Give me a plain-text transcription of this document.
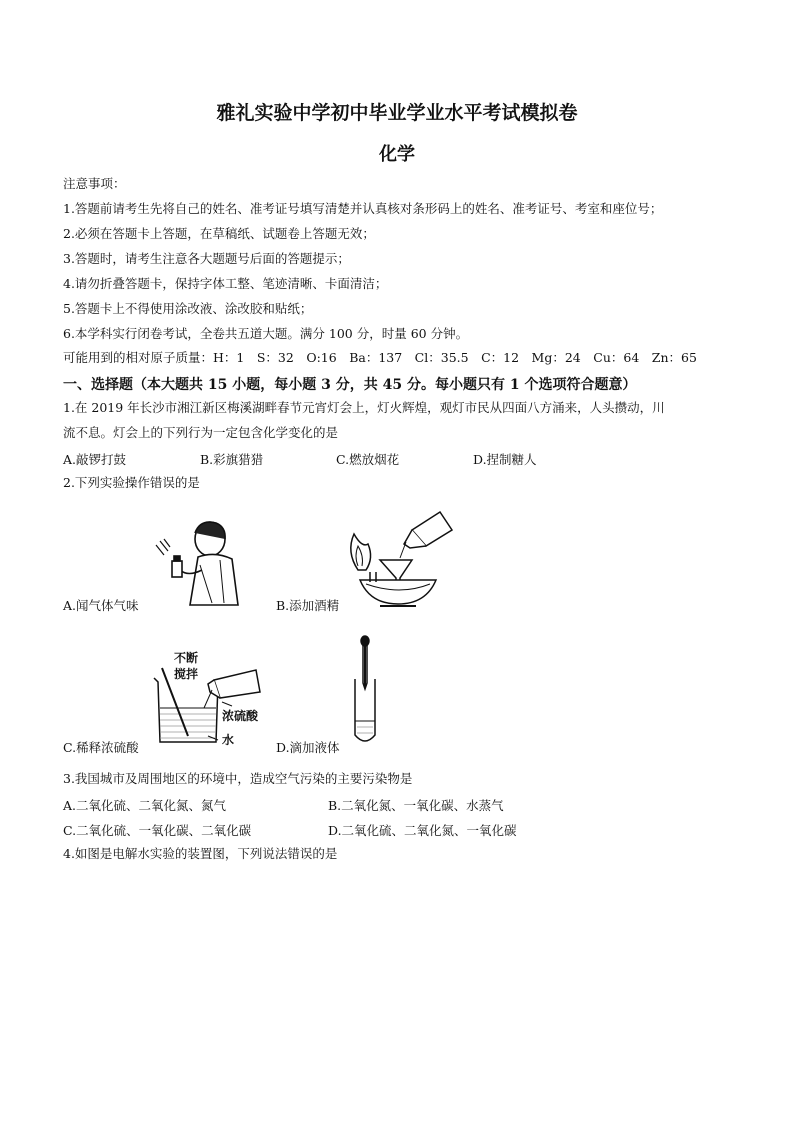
雅礼实验中学初中毕业学业水平考试模拟卷
化学
注意事项：
1.答题前请考生先将自己的姓名、准考证号填写清楚并认真核对条形码上的姓名、准考证号、考室和座位号；
2.必须在答题卡上答题，在草稿纸、试题卷上答题无效；
3.答题时，请考生注意各大题题号后面的答题提示；
4.请勿折叠答题卡，保持字体工整、笔迹清晰、卡面清洁；
5.答题卡上不得使用涂改液、涂改胶和贴纸；
6.本学科实行闭卷考试，全卷共五道大题。满分 100 分，时量 60 分钟。
可能用到的相对原子质量：H：1　S：32　O:16　Ba：137　Cl：35.5　C：12　Mg：24　Cu：64　Zn：65
一、选择题（本大题共 15 小题，每小题 3 分，共 45 分。每小题只有 1 个选项符合题意）
1.在 2019 年长沙市湘江新区梅溪湖畔春节元宵灯会上，灯火辉煌，观灯市民从四面八方涌来，人头攒动，川
流不息。灯会上的下列行为一定包含化学变化的是
A.敲锣打鼓	B.彩旗猎猎	C.燃放烟花	D.捏制糖人
2.下列实验操作错误的是
A.闻气体气味	B.添加酒精
不断
搅拌
浓硫酸
水
C.稀释浓硫酸	D.滴加液体
3.我国城市及周围地区的环境中，造成空气污染的主要污染物是
A.二氧化硫、二氧化氮、氮气	B.二氧化氮、一氧化碳、水蒸气
C.二氧化硫、一氧化碳、二氧化碳	D.二氧化硫、二氧化氮、一氧化碳
4.如图是电解水实验的装置图，下列说法错误的是
